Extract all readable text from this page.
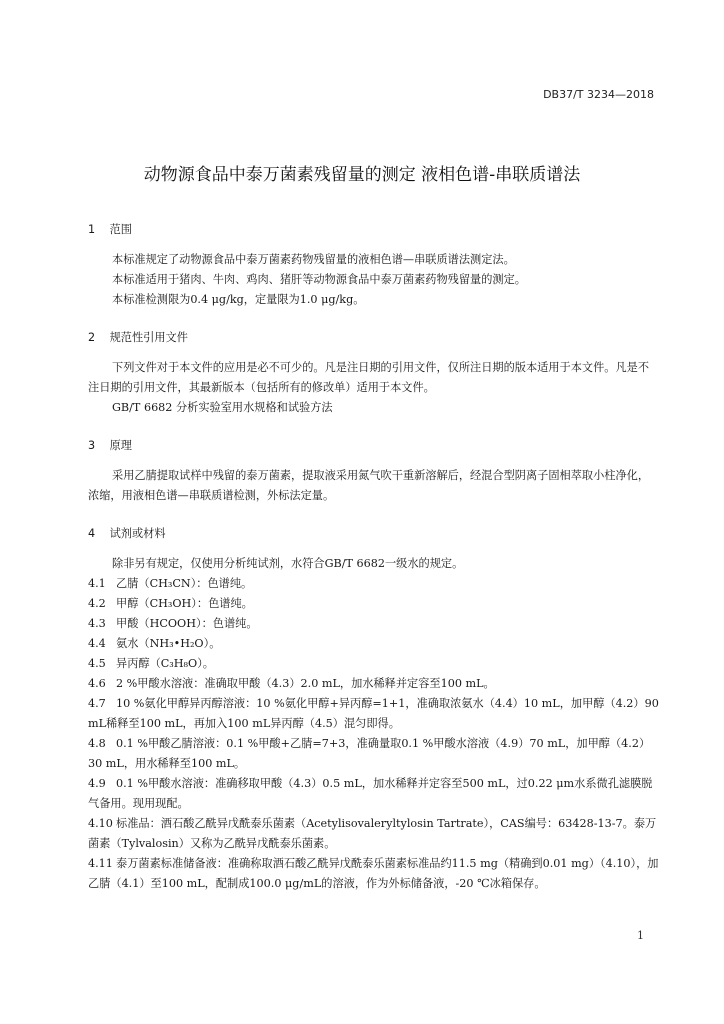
DB37/T 3234—2018
动物源食品中泰万菌素残留量的测定 液相色谱-串联质谱法
1 范围

本标准规定了动物源食品中泰万菌素药物残留量的液相色谱—串联质谱法测定法。

本标准适用于猪肉、牛肉、鸡肉、猪肝等动物源食品中泰万菌素药物残留量的测定。

本标准检测限为0.4 μg/kg，定量限为1.0 μg/kg。

2 规范性引用文件

下列文件对于本文件的应用是必不可少的。凡是注日期的引用文件，仅所注日期的版本适用于本文件。凡是不注日期的引用文件，其最新版本（包括所有的修改单）适用于本文件。

GB/T 6682 分析实验室用水规格和试验方法

3 原理

采用乙腈提取试样中残留的泰万菌素，提取液采用氮气吹干重新溶解后，经混合型阴离子固相萃取小柱净化，浓缩，用液相色谱—串联质谱检测，外标法定量。

4 试剂或材料

除非另有规定，仅使用分析纯试剂，水符合GB/T 6682一级水的规定。

4.1 乙腈（CH₃CN）：色谱纯。

4.2 甲醇（CH₃OH）：色谱纯。

4.3 甲酸（HCOOH）：色谱纯。

4.4 氨水（NH₃•H₂O）。

4.5 异丙醇（C₃H₈O）。

4.6 2 %甲酸水溶液：准确取甲酸（4.3）2.0 mL，加水稀释并定容至100 mL。

4.7 10 %氨化甲醇异丙醇溶液：10 %氨化甲醇+异丙醇=1+1，准确取浓氨水（4.4）10 mL，加甲醇（4.2）90 mL稀释至100 mL，再加入100 mL异丙醇（4.5）混匀即得。

4.8 0.1 %甲酸乙腈溶液：0.1 %甲酸+乙腈=7+3，准确量取0.1 %甲酸水溶液（4.9）70 mL，加甲醇（4.2）30 mL，用水稀释至100 mL。

4.9 0.1 %甲酸水溶液：准确移取甲酸（4.3）0.5 mL，加水稀释并定容至500 mL，过0.22 μm水系微孔滤膜脱气备用。现用现配。

4.10 标准品：酒石酸乙酰异戊酰泰乐菌素（Acetylisovaleryltylosin Tartrate），CAS编号：63428-13-7。泰万菌素（Tylvalosin）又称为乙酰异戊酰泰乐菌素。

4.11 泰万菌素标准储备液：准确称取酒石酸乙酰异戊酰泰乐菌素标准品约11.5 mg（精确到0.01 mg）（4.10），加乙腈（4.1）至100 mL，配制成100.0 μg/mL的溶液，作为外标储备液，-20 ℃冰箱保存。

1
